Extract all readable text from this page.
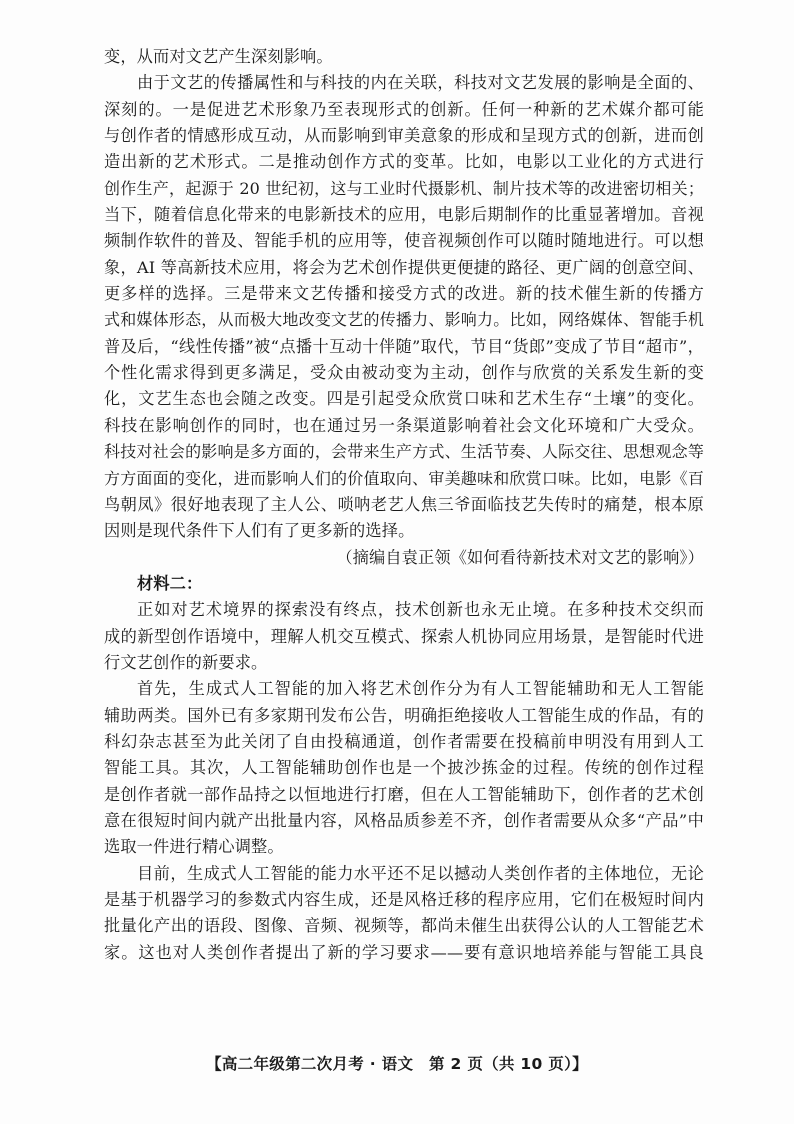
变，从而对文艺产生深刻影响。
由于文艺的传播属性和与科技的内在关联，科技对文艺发展的影响是全面的、
深刻的。一是促进艺术形象乃至表现形式的创新。任何一种新的艺术媒介都可能
与创作者的情感形成互动，从而影响到审美意象的形成和呈现方式的创新，进而创
造出新的艺术形式。二是推动创作方式的变革。比如，电影以工业化的方式进行
创作生产，起源于 20 世纪初，这与工业时代摄影机、制片技术等的改进密切相关；
当下，随着信息化带来的电影新技术的应用，电影后期制作的比重显著增加。音视
频制作软件的普及、智能手机的应用等，使音视频创作可以随时随地进行。可以想
象，AI 等高新技术应用，将会为艺术创作提供更便捷的路径、更广阔的创意空间、
更多样的选择。三是带来文艺传播和接受方式的改进。新的技术催生新的传播方
式和媒体形态，从而极大地改变文艺的传播力、影响力。比如，网络媒体、智能手机
普及后，“线性传播”被“点播十互动十伴随”取代，节目“货郎”变成了节目“超市”，
个性化需求得到更多满足，受众由被动变为主动，创作与欣赏的关系发生新的变
化，文艺生态也会随之改变。四是引起受众欣赏口味和艺术生存“土壤”的变化。
科技在影响创作的同时，也在通过另一条渠道影响着社会文化环境和广大受众。
科技对社会的影响是多方面的，会带来生产方式、生活节奏、人际交往、思想观念等
方方面面的变化，进而影响人们的价值取向、审美趣味和欣赏口味。比如，电影《百
鸟朝凤》很好地表现了主人公、唢呐老艺人焦三爷面临技艺失传时的痛楚，根本原
因则是现代条件下人们有了更多新的选择。
（摘编自袁正领《如何看待新技术对文艺的影响》）
材料二：
正如对艺术境界的探索没有终点，技术创新也永无止境。在多种技术交织而
成的新型创作语境中，理解人机交互模式、探索人机协同应用场景，是智能时代进
行文艺创作的新要求。
首先，生成式人工智能的加入将艺术创作分为有人工智能辅助和无人工智能
辅助两类。国外已有多家期刊发布公告，明确拒绝接收人工智能生成的作品，有的
科幻杂志甚至为此关闭了自由投稿通道，创作者需要在投稿前申明没有用到人工
智能工具。其次，人工智能辅助创作也是一个披沙拣金的过程。传统的创作过程
是创作者就一部作品持之以恒地进行打磨，但在人工智能辅助下，创作者的艺术创
意在很短时间内就产出批量内容，风格品质参差不齐，创作者需要从众多“产品”中
选取一件进行精心调整。
目前，生成式人工智能的能力水平还不足以撼动人类创作者的主体地位，无论
是基于机器学习的参数式内容生成，还是风格迁移的程序应用，它们在极短时间内
批量化产出的语段、图像、音频、视频等，都尚未催生出获得公认的人工智能艺术
家。这也对人类创作者提出了新的学习要求——要有意识地培养能与智能工具良
【高二年级第二次月考 · 语文　第 2 页（共 10 页）】
